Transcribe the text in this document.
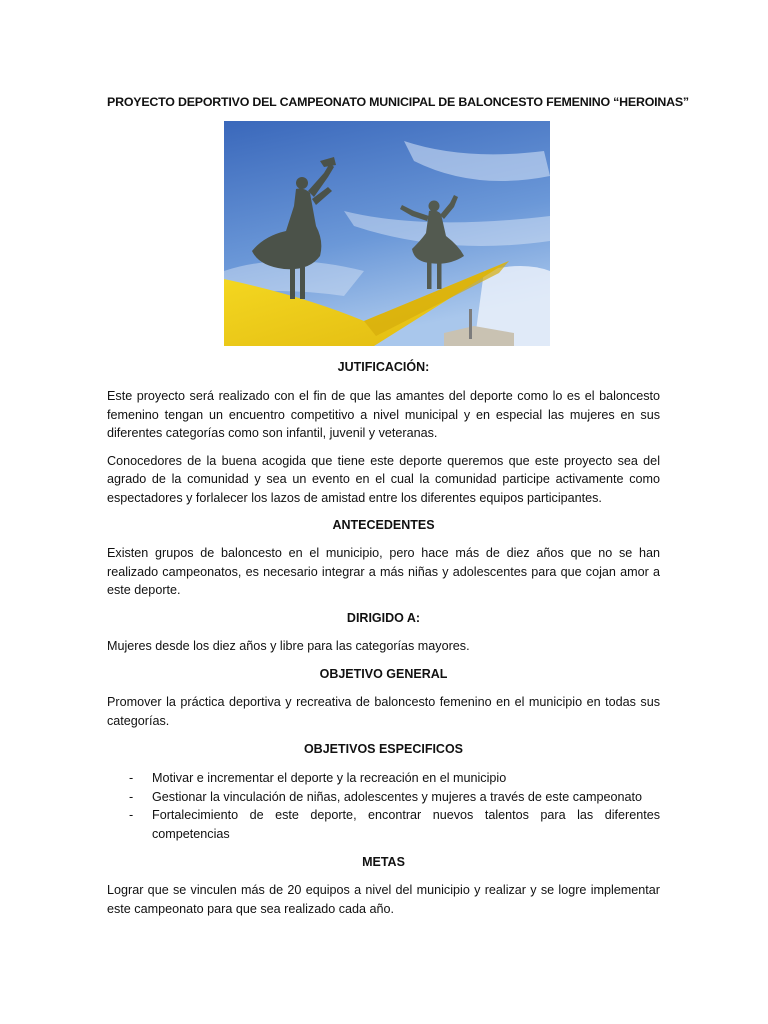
PROYECTO DEPORTIVO DEL CAMPEONATO MUNICIPAL DE BALONCESTO FEMENINO “HEROINAS”
JUTIFICACIÓN:

Este proyecto será realizado con el fin de que las amantes del deporte como lo es el baloncesto femenino tengan un encuentro competitivo a nivel municipal y en especial las mujeres en sus diferentes categorías como son infantil, juvenil y veteranas.

Conocedores de la buena acogida que tiene este deporte queremos que este proyecto sea del agrado de la comunidad y sea un evento en el cual la comunidad participe activamente como espectadores y forlalecer los lazos de amistad entre los diferentes equipos participantes.

ANTECEDENTES

Existen grupos de baloncesto en el municipio, pero hace más de diez años que no se han realizado campeonatos, es necesario integrar a más niñas y adolescentes para que cojan amor a este deporte.

DIRIGIDO A:

Mujeres desde los diez años y libre para las categorías mayores.

OBJETIVO GENERAL

Promover la práctica deportiva y recreativa de baloncesto femenino en el municipio en todas sus categorías.

OBJETIVOS ESPECIFICOS
- Motivar e incrementar el deporte y la recreación en el municipio
- Gestionar la vinculación de niñas, adolescentes y mujeres a través de este campeonato
- Fortalecimiento de este deporte, encontrar nuevos talentos para las diferentes competencias
METAS

Lograr que se vinculen más de 20 equipos a nivel del municipio y realizar y se logre implementar este campeonato para que sea realizado cada año.
